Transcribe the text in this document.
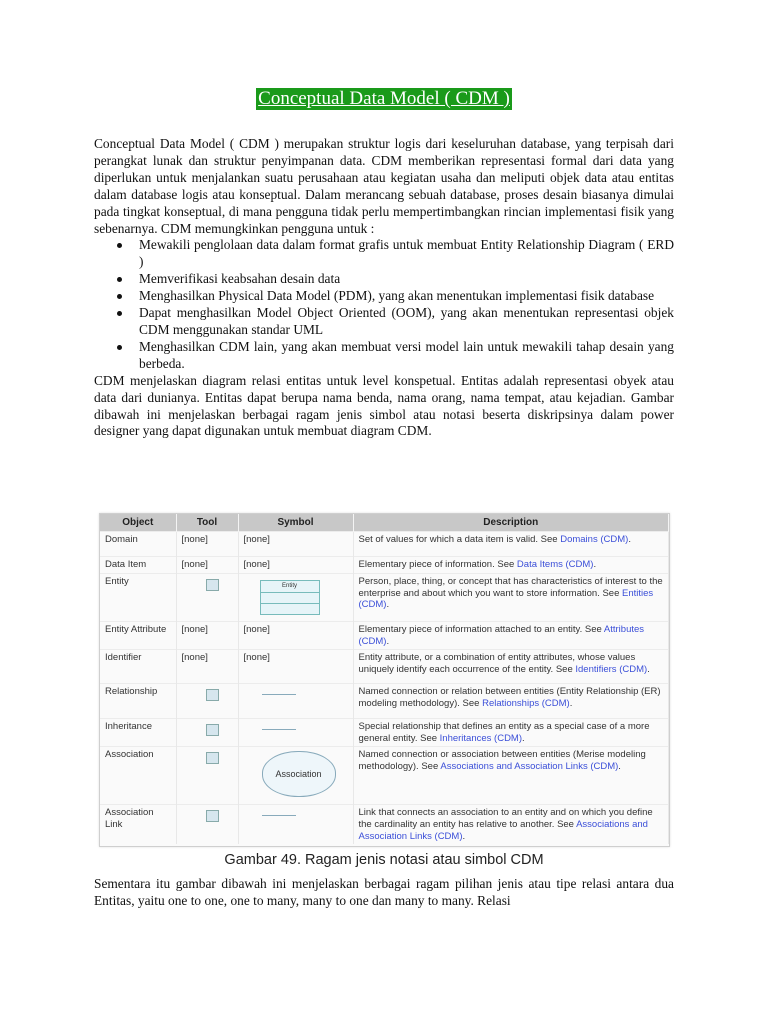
Conceptual Data Model ( CDM )

Conceptual Data Model ( CDM ) merupakan struktur logis dari keseluruhan database, yang terpisah dari perangkat lunak dan struktur penyimpanan data. CDM memberikan representasi formal dari data yang diperlukan untuk menjalankan suatu perusahaan atau kegiatan usaha dan meliputi objek data atau entitas dalam database logis atau konseptual. Dalam merancang sebuah database, proses desain biasanya dimulai pada tingkat konseptual, di mana pengguna tidak perlu mempertimbangkan rincian implementasi fisik yang sebenarnya. CDM memungkinkan pengguna untuk :

Mewakili penglolaan data dalam format grafis untuk membuat Entity Relationship Diagram ( ERD )
Memverifikasi keabsahan desain data
Menghasilkan Physical Data Model (PDM), yang akan menentukan implementasi fisik database
Dapat menghasilkan Model Object Oriented (OOM), yang akan menentukan representasi objek CDM menggunakan standar UML
Menghasilkan CDM lain, yang akan membuat versi model lain untuk mewakili tahap desain yang berbeda.

CDM menjelaskan diagram relasi entitas untuk level konspetual. Entitas adalah representasi obyek atau data dari dunianya. Entitas dapat berupa nama benda, nama orang, nama tempat, atau kejadian. Gambar dibawah ini menjelaskan berbagai ragam jenis simbol atau notasi beserta diskripsinya dalam power designer yang dapat digunakan untuk membuat diagram CDM.

Object	Tool	Symbol	Description
Domain	[none]	[none]	Set of values for which a data item is valid. See Domains (CDM).
Data Item	[none]	[none]	Elementary piece of information. See Data Items (CDM).
Entity		Entity	Person, place, thing, or concept that has characteristics of interest to the enterprise and about which you want to store information. See Entities (CDM).
Entity Attribute	[none]	[none]	Elementary piece of information attached to an entity. See Attributes (CDM).
Identifier	[none]	[none]	Entity attribute, or a combination of entity attributes, whose values uniquely identify each occurrence of the entity. See Identifiers (CDM).
Relationship			Named connection or relation between entities (Entity Relationship (ER) modeling methodology). See Relationships (CDM).
Inheritance			Special relationship that defines an entity as a special case of a more general entity. See Inheritances (CDM).
Association		Association	Named connection or association between entities (Merise modeling methodology). See Associations and Association Links (CDM).
Association Link			Link that connects an association to an entity and on which you define the cardinality an entity has relative to another. See Associations and Association Links (CDM).
Gambar 49. Ragam jenis notasi atau simbol CDM

Sementara itu gambar dibawah ini menjelaskan berbagai ragam pilihan jenis atau tipe relasi antara dua Entitas, yaitu one to one, one to many, many to one dan many to many. Relasi
